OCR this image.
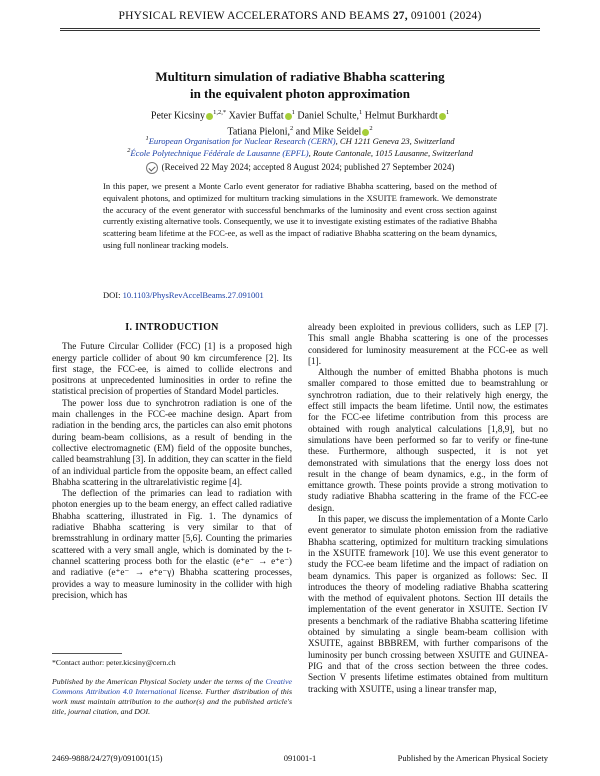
PHYSICAL REVIEW ACCELERATORS AND BEAMS 27, 091001 (2024)
Multiturn simulation of radiative Bhabha scattering
in the equivalent photon approximation
Peter Kicsiny $^{1,2,*}$ Xavier Buffat $^1$ Daniel Schulte,$^1$ Helmut Burkhardt $^1$
Tatiana Pieloni,$^2$ and Mike Seidel $^2$
$^1$European Organisation for Nuclear Research (CERN), CH 1211 Geneva 23, Switzerland
$^2$École Polytechnique Fédérale de Lausanne (EPFL), Route Cantonale, 1015 Lausanne, Switzerland
(Received 22 May 2024; accepted 8 August 2024; published 27 September 2024)
In this paper, we present a Monte Carlo event generator for radiative Bhabha scattering, based on the method of equivalent photons, and optimized for multiturn tracking simulations in the XSUITE framework. We demonstrate the accuracy of the event generator with successful benchmarks of the luminosity and event cross section against currently existing alternative tools. Consequently, we use it to investigate existing estimates of the radiative Bhabha scattering beam lifetime at the FCC-ee, as well as the impact of radiative Bhabha scattering on the beam dynamics, using full nonlinear tracking models.
DOI: 10.1103/PhysRevAccelBeams.27.091001

I. INTRODUCTION

The Future Circular Collider (FCC) [1] is a proposed high energy particle collider of about 90 km circumference [2]. Its first stage, the FCC-ee, is aimed to collide electrons and positrons at unprecedented luminosities in order to refine the statistical precision of properties of Standard Model particles.

The power loss due to synchrotron radiation is one of the main challenges in the FCC-ee machine design. Apart from radiation in the bending arcs, the particles can also emit photons during beam-beam collisions, as a result of bending in the collective electromagnetic (EM) field of the opposite bunches, called beamstrahlung [3]. In addition, they can scatter in the field of an individual particle from the opposite beam, an effect called Bhabha scattering in the ultrarelativistic regime [4].

The deflection of the primaries can lead to radiation with photon energies up to the beam energy, an effect called radiative Bhabha scattering, illustrated in Fig. 1. The dynamics of radiative Bhabha scattering is very similar to that of bremsstrahlung in ordinary matter [5,6]. Counting the primaries scattered with a very small angle, which is dominated by the t-channel scattering process both for the elastic (e⁺e⁻ → e⁺e⁻) and radiative (e⁺e⁻ → e⁺e⁻γ) Bhabha scattering processes, provides a way to measure luminosity in the collider with high precision, which has

already been exploited in previous colliders, such as LEP [7]. This small angle Bhabha scattering is one of the processes considered for luminosity measurement at the FCC-ee as well [1].

Although the number of emitted Bhabha photons is much smaller compared to those emitted due to beamstrahlung or synchrotron radiation, due to their relatively high energy, the effect still impacts the beam lifetime. Until now, the estimates for the FCC-ee lifetime contribution from this process are obtained with rough analytical calculations [1,8,9], but no simulations have been performed so far to verify or fine-tune these. Furthermore, although suspected, it is not yet demonstrated with simulations that the energy loss does not result in the change of beam dynamics, e.g., in the form of emittance growth. These points provide a strong motivation to study radiative Bhabha scattering in the frame of the FCC-ee design.

In this paper, we discuss the implementation of a Monte Carlo event generator to simulate photon emission from the radiative Bhabha scattering, optimized for multiturn tracking simulations in the XSUITE framework [10]. We use this event generator to study the FCC-ee beam lifetime and the impact of radiation on beam dynamics. This paper is organized as follows: Sec. II introduces the theory of modeling radiative Bhabha scattering with the method of equivalent photons. Section III details the implementation of the event generator in XSUITE. Section IV presents a benchmark of the radiative Bhabha scattering lifetime obtained by simulating a single beam-beam collision with XSUITE, against BBBREM, with further comparisons of the luminosity per bunch crossing between XSUITE and GUINEA-PIG and that of the cross section between the three codes. Section V presents lifetime estimates obtained from multiturn tracking with XSUITE, using a linear transfer map,

*Contact author: peter.kicsiny@cern.ch
Published by the American Physical Society under the terms of the Creative Commons Attribution 4.0 International license. Further distribution of this work must maintain attribution to the author(s) and the published article's title, journal citation, and DOI.
2469-9888/24/27(9)/091001(15)	091001-1	Published by the American Physical Society
